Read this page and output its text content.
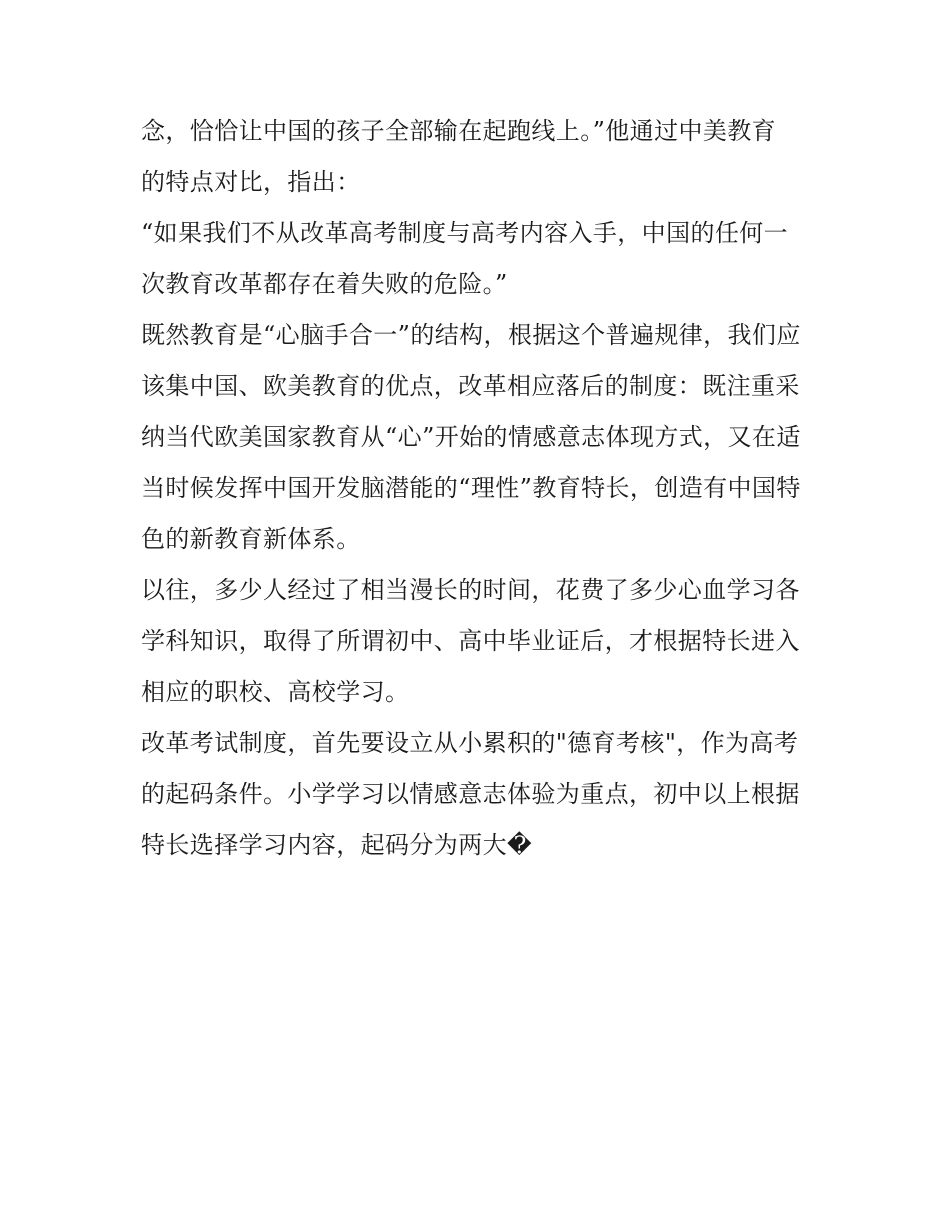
念，恰恰让中国的孩子全部输在起跑线上。”他通过中美教育
的特点对比，指出：
“如果我们不从改革高考制度与高考内容入手，中国的任何一
次教育改革都存在着失败的危险。”
既然教育是“心脑手合一”的结构，根据这个普遍规律，我们应
该集中国、欧美教育的优点，改革相应落后的制度：既注重采
纳当代欧美国家教育从“心”开始的情感意志体现方式，又在适
当时候发挥中国开发脑潜能的“理性”教育特长，创造有中国特
色的新教育新体系。
以往，多少人经过了相当漫长的时间，花费了多少心血学习各
学科知识，取得了所谓初中、高中毕业证后，才根据特长进入
相应的职校、高校学习。
改革考试制度，首先要设立从小累积的"德育考核"，作为高考
的起码条件。小学学习以情感意志体验为重点，初中以上根据
特长选择学习内容，起码分为两大�
